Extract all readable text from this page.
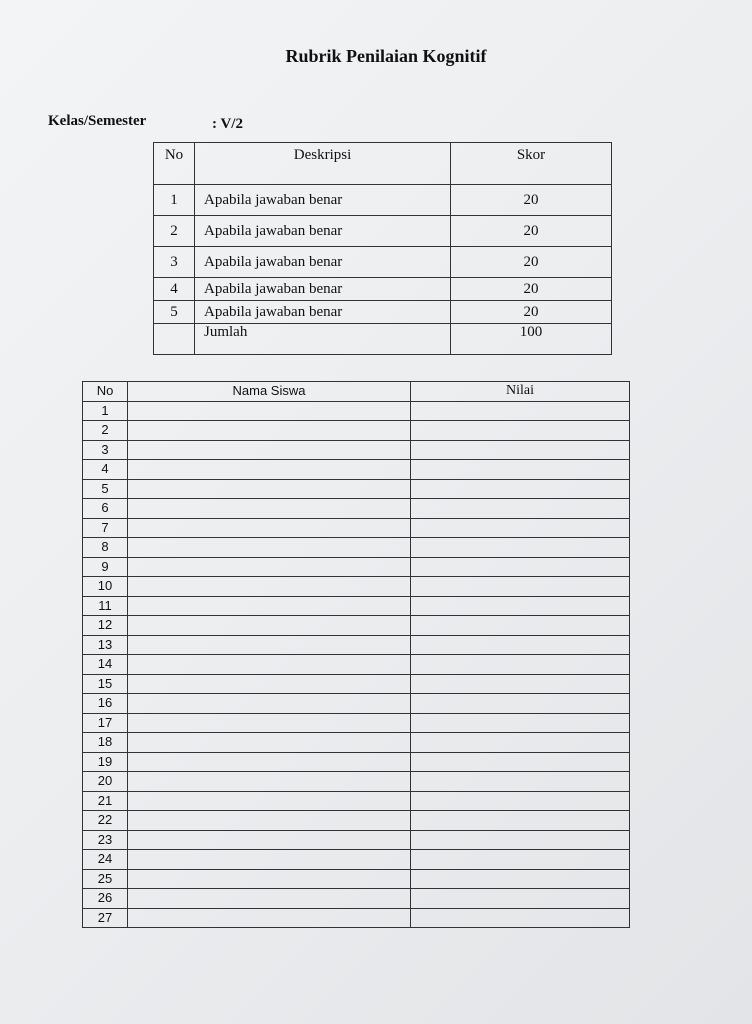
Rubrik Penilaian Kognitif
Kelas/Semester	: V/2
No	Deskripsi	Skor
1	Apabila jawaban benar	20
2	Apabila jawaban benar	20
3	Apabila jawaban benar	20
4	Apabila jawaban benar	20
5	Apabila jawaban benar	20
	Jumlah	100
No	Nama Siswa	Nilai
1		
2		
3		
4		
5		
6		
7		
8		
9		
10		
11		
12		
13		
14		
15		
16		
17		
18		
19		
20		
21		
22		
23		
24		
25		
26		
27		
